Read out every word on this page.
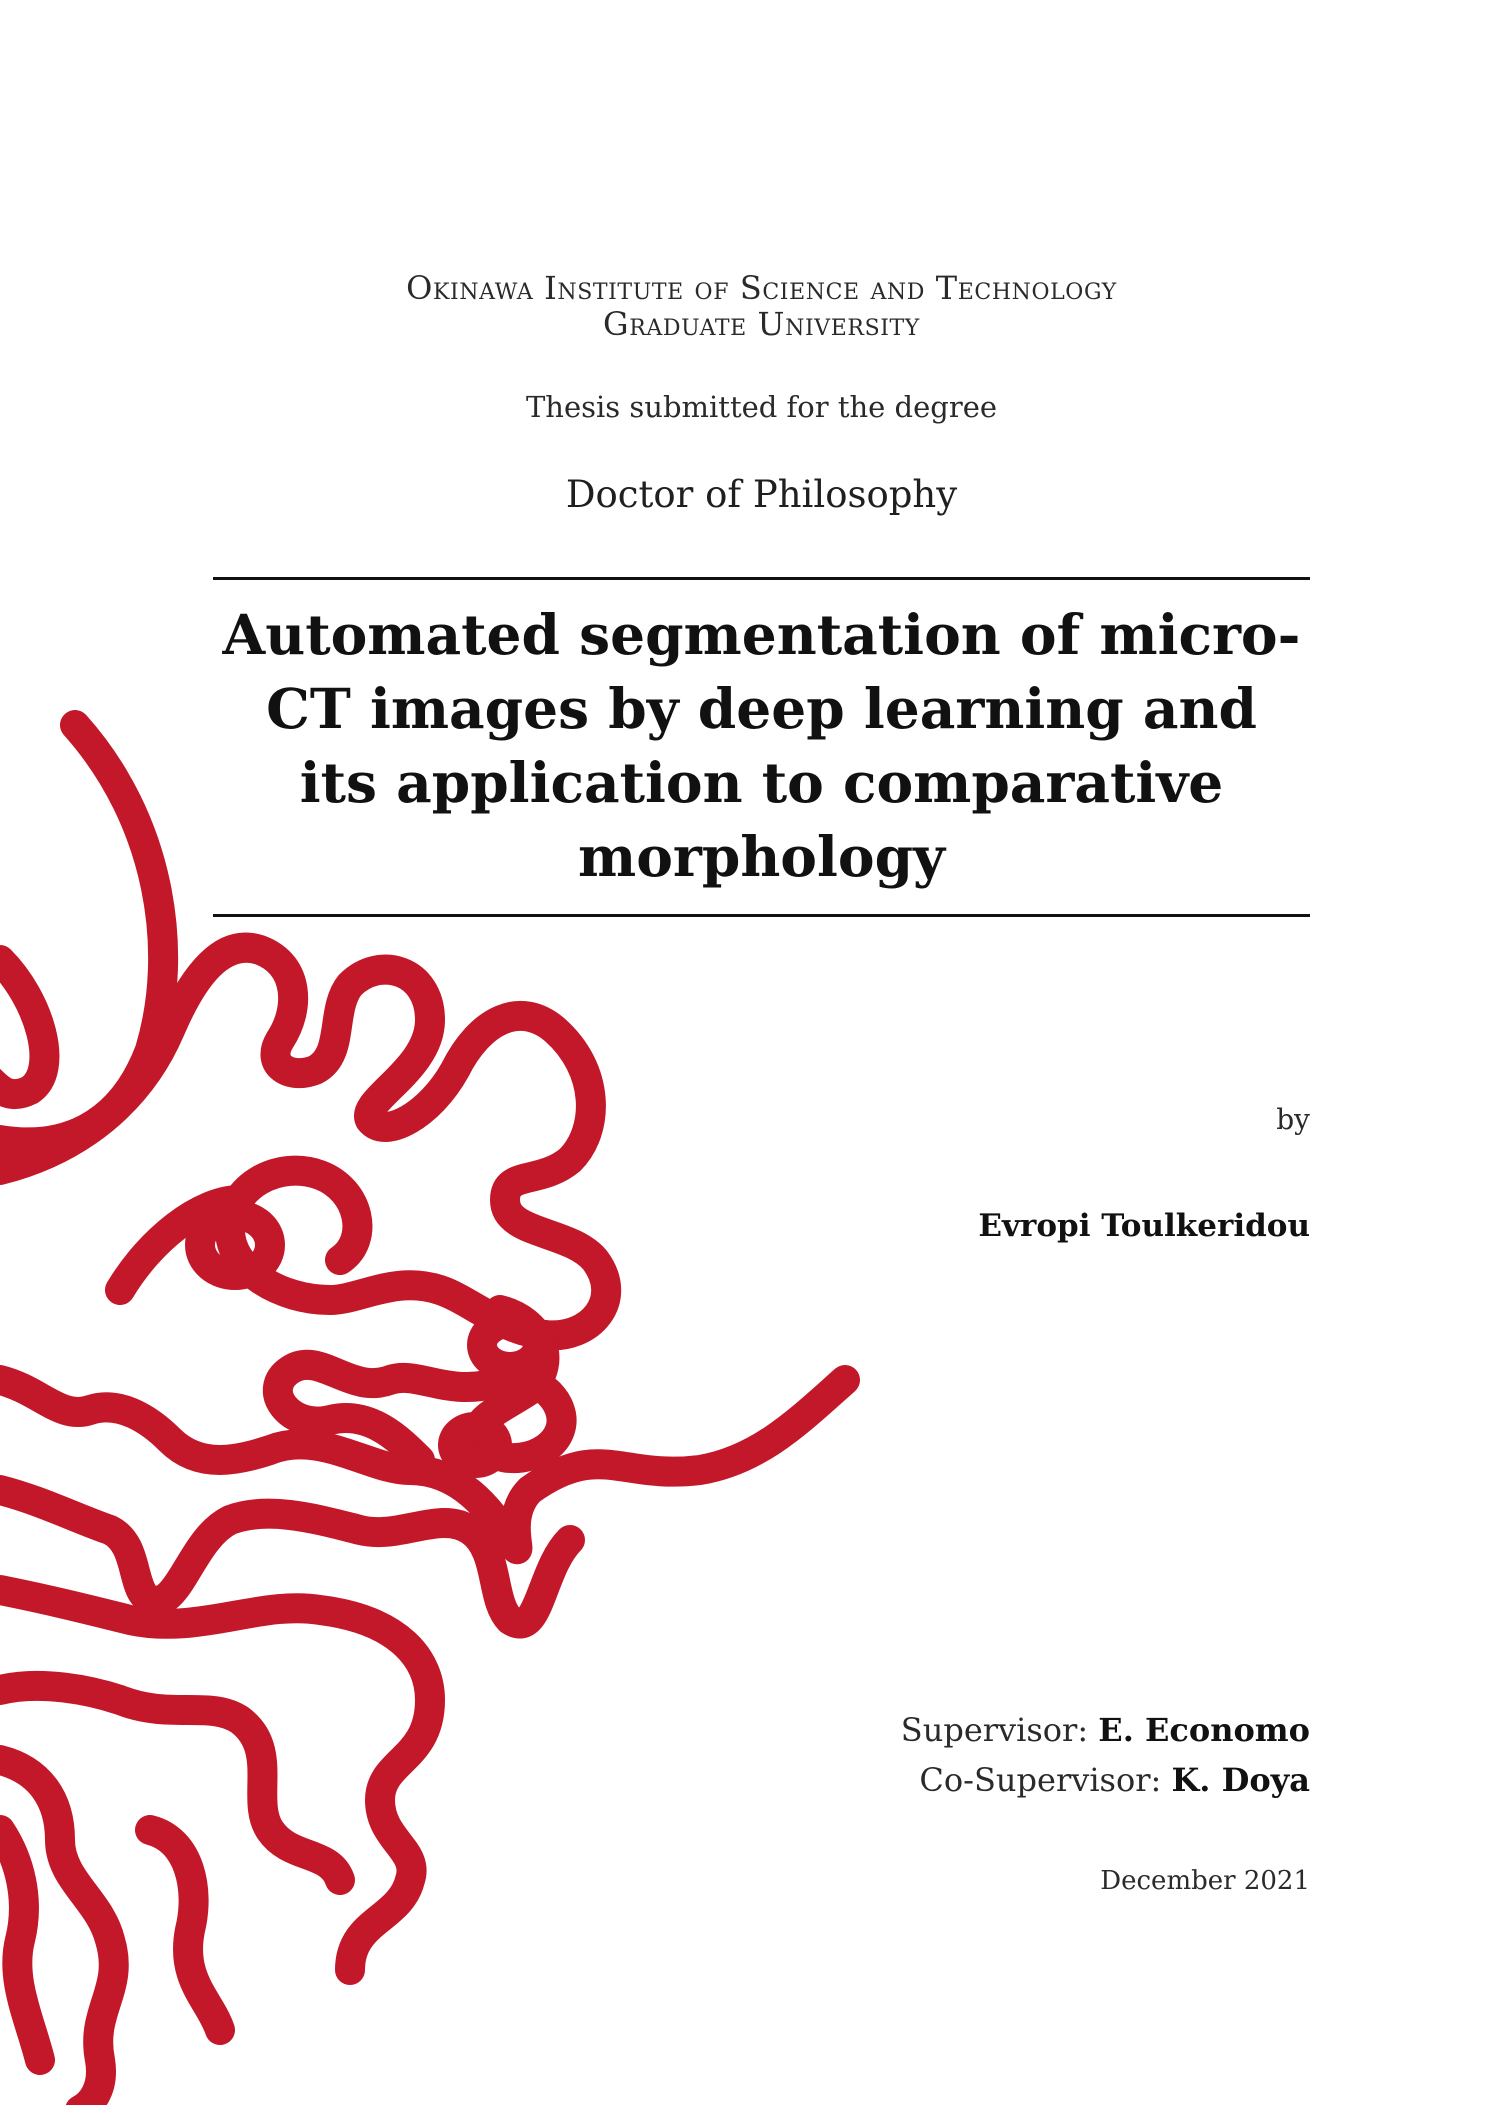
Okinawa Institute of Science and Technology
Graduate University
Thesis submitted for the degree
Doctor of Philosophy
Automated segmentation of micro-CT images by deep learning and its application to comparative morphology
by
Evropi Toulkeridou
Supervisor: E. Economo
Co-Supervisor: K. Doya
December 2021
